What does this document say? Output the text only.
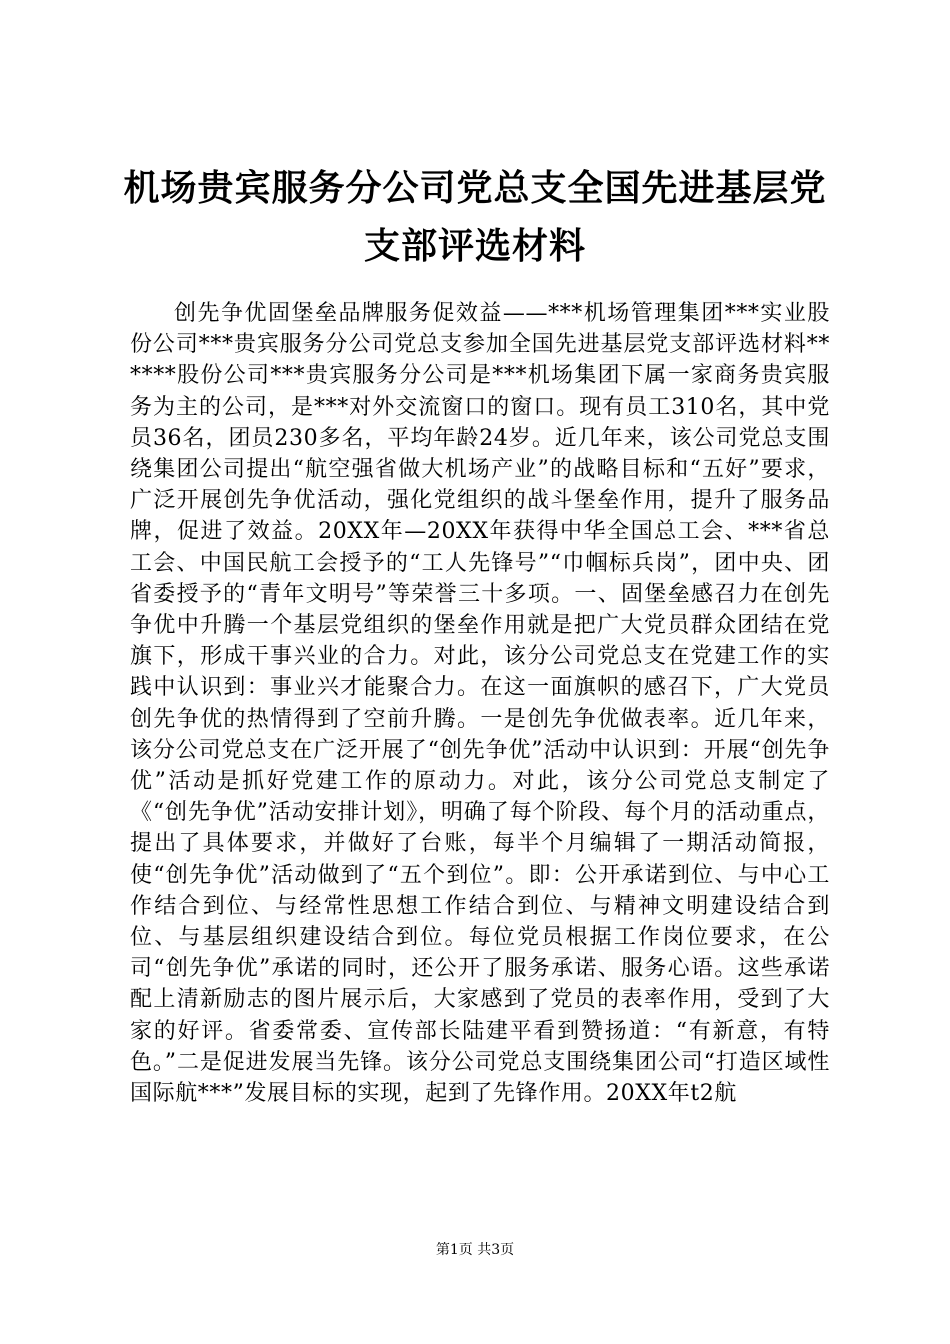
机场贵宾服务分公司党总支全国先进基层党支部评选材料
创先争优固堡垒品牌服务促效益——***机场管理集团***实业股份公司***贵宾服务分公司党总支参加全国先进基层党支部评选材料******股份公司***贵宾服务分公司是***机场集团下属一家商务贵宾服务为主的公司，是***对外交流窗口的窗口。现有员工310名，其中党员36名，团员230多名，平均年龄24岁。近几年来，该公司党总支围绕集团公司提出“航空强省做大机场产业”的战略目标和“五好”要求，广泛开展创先争优活动，强化党组织的战斗堡垒作用，提升了服务品牌，促进了效益。20XX年—20XX年获得中华全国总工会、***省总工会、中国民航工会授予的“工人先锋号”“巾帼标兵岗”，团中央、团省委授予的“青年文明号”等荣誉三十多项。一、固堡垒感召力在创先争优中升腾一个基层党组织的堡垒作用就是把广大党员群众团结在党旗下，形成干事兴业的合力。对此，该分公司党总支在党建工作的实践中认识到：事业兴才能聚合力。在这一面旗帜的感召下，广大党员创先争优的热情得到了空前升腾。一是创先争优做表率。近几年来，该分公司党总支在广泛开展了“创先争优”活动中认识到：开展“创先争优”活动是抓好党建工作的原动力。对此，该分公司党总支制定了《“创先争优”活动安排计划》，明确了每个阶段、每个月的活动重点，提出了具体要求，并做好了台账，每半个月编辑了一期活动简报，使“创先争优”活动做到了“五个到位”。即：公开承诺到位、与中心工作结合到位、与经常性思想工作结合到位、与精神文明建设结合到位、与基层组织建设结合到位。每位党员根据工作岗位要求，在公司“创先争优”承诺的同时，还公开了服务承诺、服务心语。这些承诺配上清新励志的图片展示后，大家感到了党员的表率作用，受到了大家的好评。省委常委、宣传部长陆建平看到赞扬道：“有新意，有特色。”二是促进发展当先锋。该分公司党总支围绕集团公司“打造区域性国际航***”发展目标的实现，起到了先锋作用。20XX年t2航
第1页 共3页
